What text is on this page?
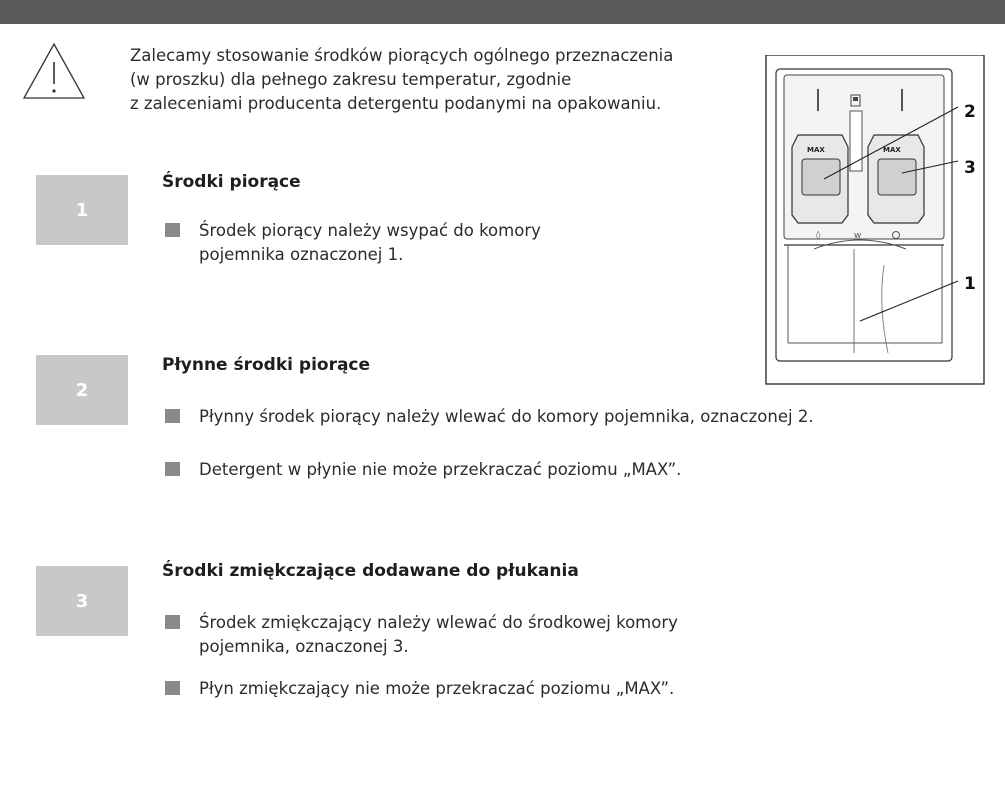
Zalecamy stosowanie środków piorących ogólnego przeznaczenia

(w proszku) dla pełnego zakresu temperatur, zgodnie

z zaleceniami producenta detergentu podanymi na opakowaniu.

1
Środki piorące
Środek piorący należy wsypać do komory
pojemnika oznaczonej 1.
2
Płynne środki piorące
Płynny środek piorący należy wlewać do komory pojemnika, oznaczonej 2.
Detergent w płynie nie może przekraczać poziomu „MAX”.
3
Środki zmiękczające dodawane do płukania
Środek zmiękczający należy wlewać do środkowej komory
pojemnika, oznaczonej 3.
Płyn zmiękczający nie może przekraczać poziomu „MAX”.
MAX	MAX
◊	ᴡ
2
3
1
